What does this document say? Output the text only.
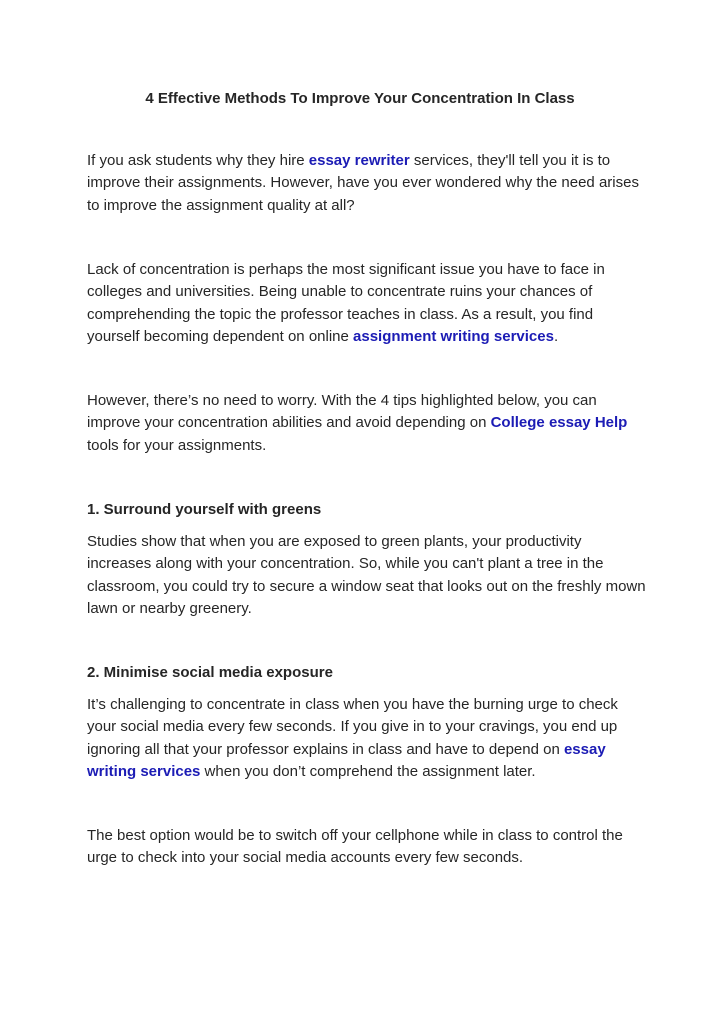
4 Effective Methods To Improve Your Concentration In Class

If you ask students why they hire essay rewriter services, they'll tell you it is to improve their assignments. However, have you ever wondered why the need arises to improve the assignment quality at all?

Lack of concentration is perhaps the most significant issue you have to face in colleges and universities. Being unable to concentrate ruins your chances of comprehending the topic the professor teaches in class. As a result, you find yourself becoming dependent on online assignment writing services.

However, there’s no need to worry. With the 4 tips highlighted below, you can improve your concentration abilities and avoid depending on College essay Help tools for your assignments.

1. Surround yourself with greens

Studies show that when you are exposed to green plants, your productivity increases along with your concentration. So, while you can't plant a tree in the classroom, you could try to secure a window seat that looks out on the freshly mown lawn or nearby greenery.

2. Minimise social media exposure

It’s challenging to concentrate in class when you have the burning urge to check your social media every few seconds. If you give in to your cravings, you end up ignoring all that your professor explains in class and have to depend on essay writing services when you don’t comprehend the assignment later.

The best option would be to switch off your cellphone while in class to control the urge to check into your social media accounts every few seconds.
